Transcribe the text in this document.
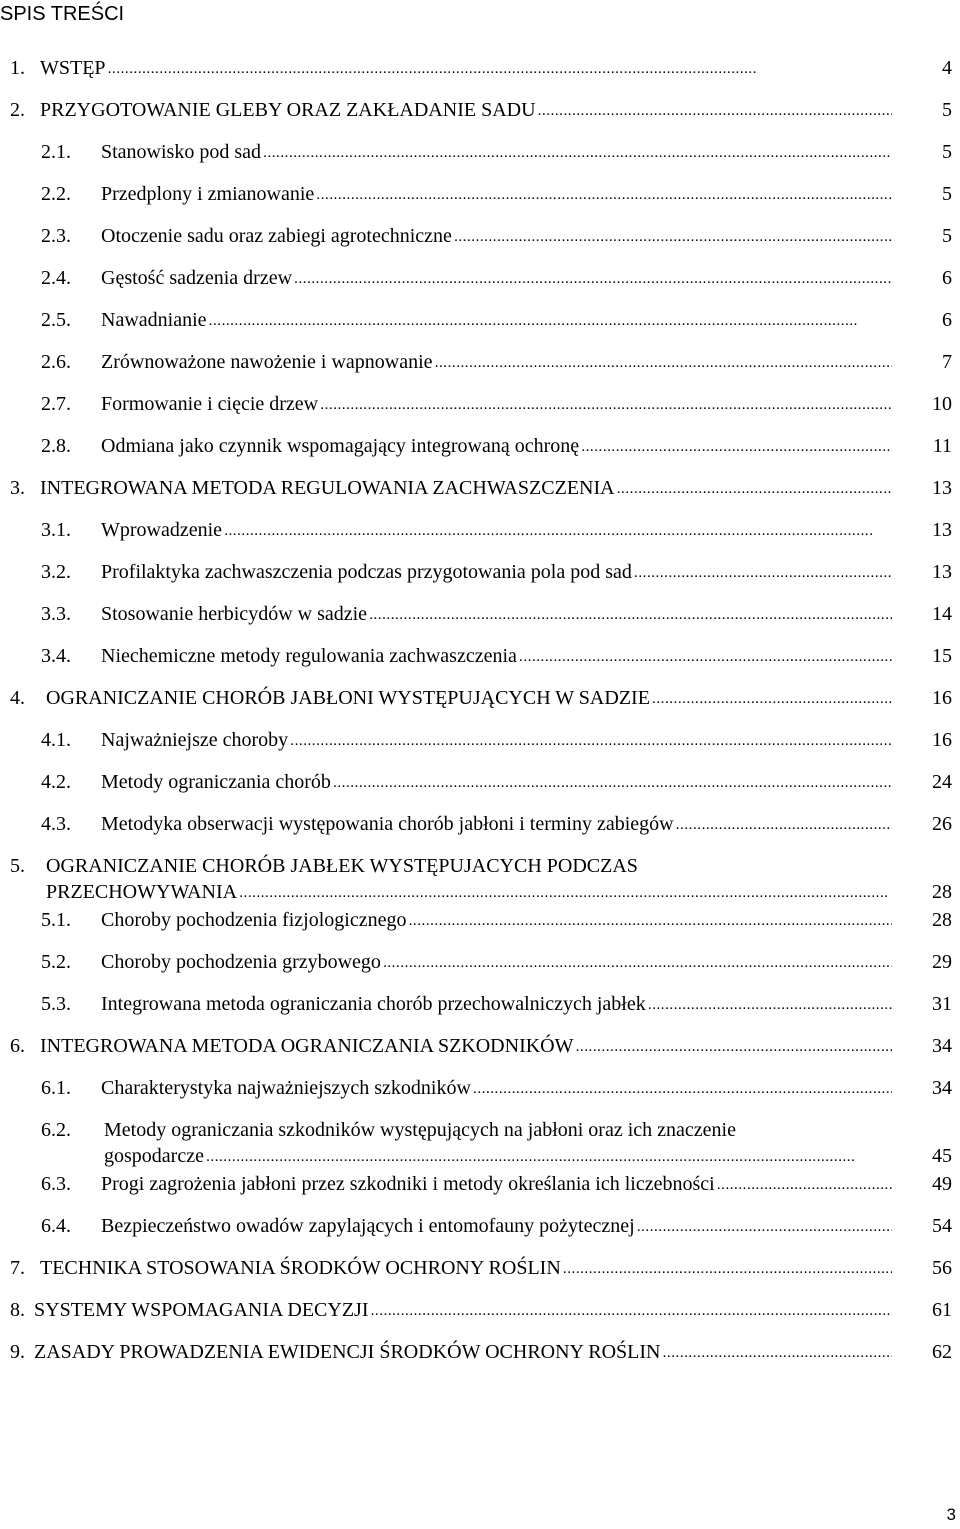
SPIS TREŚCI
1. WSTĘP . . .	4
2. PRZYGOTOWANIE GLEBY ORAZ ZAKŁADANIE SADU . . .	5
2.1. Stanowisko pod sad . . .	5
2.2. Przedplony i zmianowanie . . .	5
2.3. Otoczenie sadu oraz zabiegi agrotechniczne . . .	5
2.4. Gęstość sadzenia drzew . . .	6
2.5. Nawadnianie . . .	6
2.6. Zrównoważone nawożenie i wapnowanie . . .	7
2.7. Formowanie i cięcie drzew . . .	10
2.8. Odmiana jako czynnik wspomagający integrowaną ochronę . . .	11
3. INTEGROWANA METODA REGULOWANIA ZACHWASZCZENIA . . .	13
3.1. Wprowadzenie . . .	13
3.2. Profilaktyka zachwaszczenia podczas przygotowania pola pod sad . . .	13
3.3. Stosowanie herbicydów w sadzie . . .	14
3.4. Niechemiczne metody regulowania zachwaszczenia . . .	15
4. OGRANICZANIE CHORÓB JABŁONI WYSTĘPUJĄCYCH W SADZIE . . .	16
4.1. Najważniejsze choroby . . .	16
4.2. Metody ograniczania chorób . . .	24
4.3. Metodyka obserwacji występowania chorób jabłoni i terminy zabiegów . . .	26
5. OGRANICZANIE CHORÓB JABŁEK WYSTĘPUJACYCH PODCZAS
PRZECHOWYWANIA . . .	28
5.1. Choroby pochodzenia fizjologicznego . . .	28
5.2. Choroby pochodzenia grzybowego . . .	29
5.3. Integrowana metoda ograniczania chorób przechowalniczych jabłek . . .	31
6. INTEGROWANA METODA OGRANICZANIA SZKODNIKÓW . . .	34
6.1. Charakterystyka najważniejszych szkodników . . .	34
6.2. Metody ograniczania szkodników występujących na jabłoni oraz ich znaczenie
gospodarcze . . .	45
6.3. Progi zagrożenia jabłoni przez szkodniki i metody określania ich liczebności . . .	49
6.4. Bezpieczeństwo owadów zapylających i entomofauny pożytecznej . . .	54
7. TECHNIKA STOSOWANIA ŚRODKÓW OCHRONY ROŚLIN . . .	56
8. SYSTEMY WSPOMAGANIA DECYZJI . . .	61
9. ZASADY PROWADZENIA EWIDENCJI ŚRODKÓW OCHRONY ROŚLIN . . .	62
3
